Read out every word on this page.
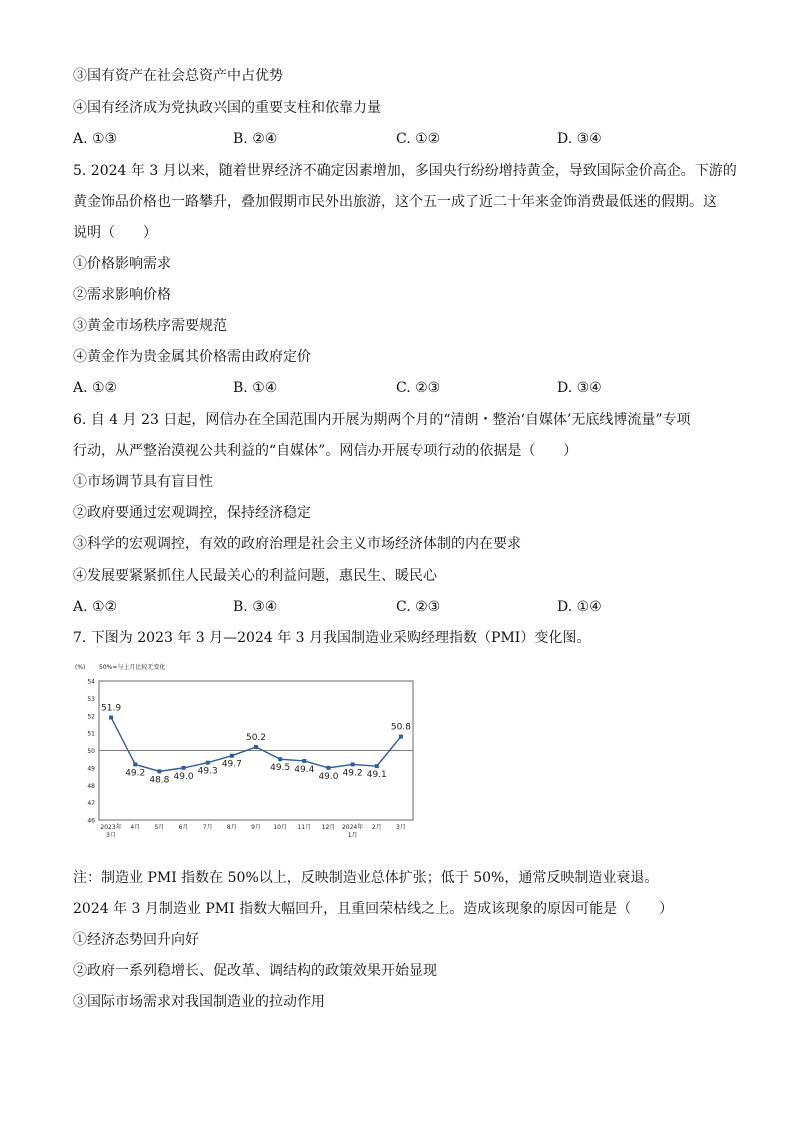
③国有资产在社会总资产中占优势
④国有经济成为党执政兴国的重要支柱和依靠力量
A. ①③	B. ②④	C. ①②	D. ③④
5. 2024 年 3 月以来，随着世界经济不确定因素增加，多国央行纷纷增持黄金，导致国际金价高企。下游的
黄金饰品价格也一路攀升，叠加假期市民外出旅游，这个五一成了近二十年来金饰消费最低迷的假期。这
说明（　　）
①价格影响需求
②需求影响价格
③黄金市场秩序需要规范
④黄金作为贵金属其价格需由政府定价
A. ①②	B. ①④	C. ②③	D. ③④
6. 自 4 月 23 日起，网信办在全国范围内开展为期两个月的“清朗・整治‘自媒体’无底线博流量”专项
行动，从严整治漠视公共利益的“自媒体”。网信办开展专项行动的依据是（　　）
①市场调节具有盲目性
②政府要通过宏观调控，保持经济稳定
③科学的宏观调控，有效的政府治理是社会主义市场经济体制的内在要求
④发展要紧紧抓住人民最关心的利益问题，惠民生、暖民心
A. ①②	B. ③④	C. ②③	D. ①④
7. 下图为 2023 年 3 月—2024 年 3 月我国制造业采购经理指数（PMI）变化图。
(%) 50%=与上月比较无变化
46
47
48
49
50
51
52
53
54
51.9
49.2
48.8 49.0
49.3
49.7
50.2
49.5 49.4
49.0 49.2 49.1
50.8
2023年
3月
4月 5月 6月 7月 8月 9月 10月 11月 12月 2024年
1月
2月 3月
注：制造业 PMI 指数在 50%以上，反映制造业总体扩张；低于 50%，通常反映制造业衰退。
2024 年 3 月制造业 PMI 指数大幅回升，且重回荣枯线之上。造成该现象的原因可能是（　　）
①经济态势回升向好
②政府一系列稳增长、促改革、调结构的政策效果开始显现
③国际市场需求对我国制造业的拉动作用
